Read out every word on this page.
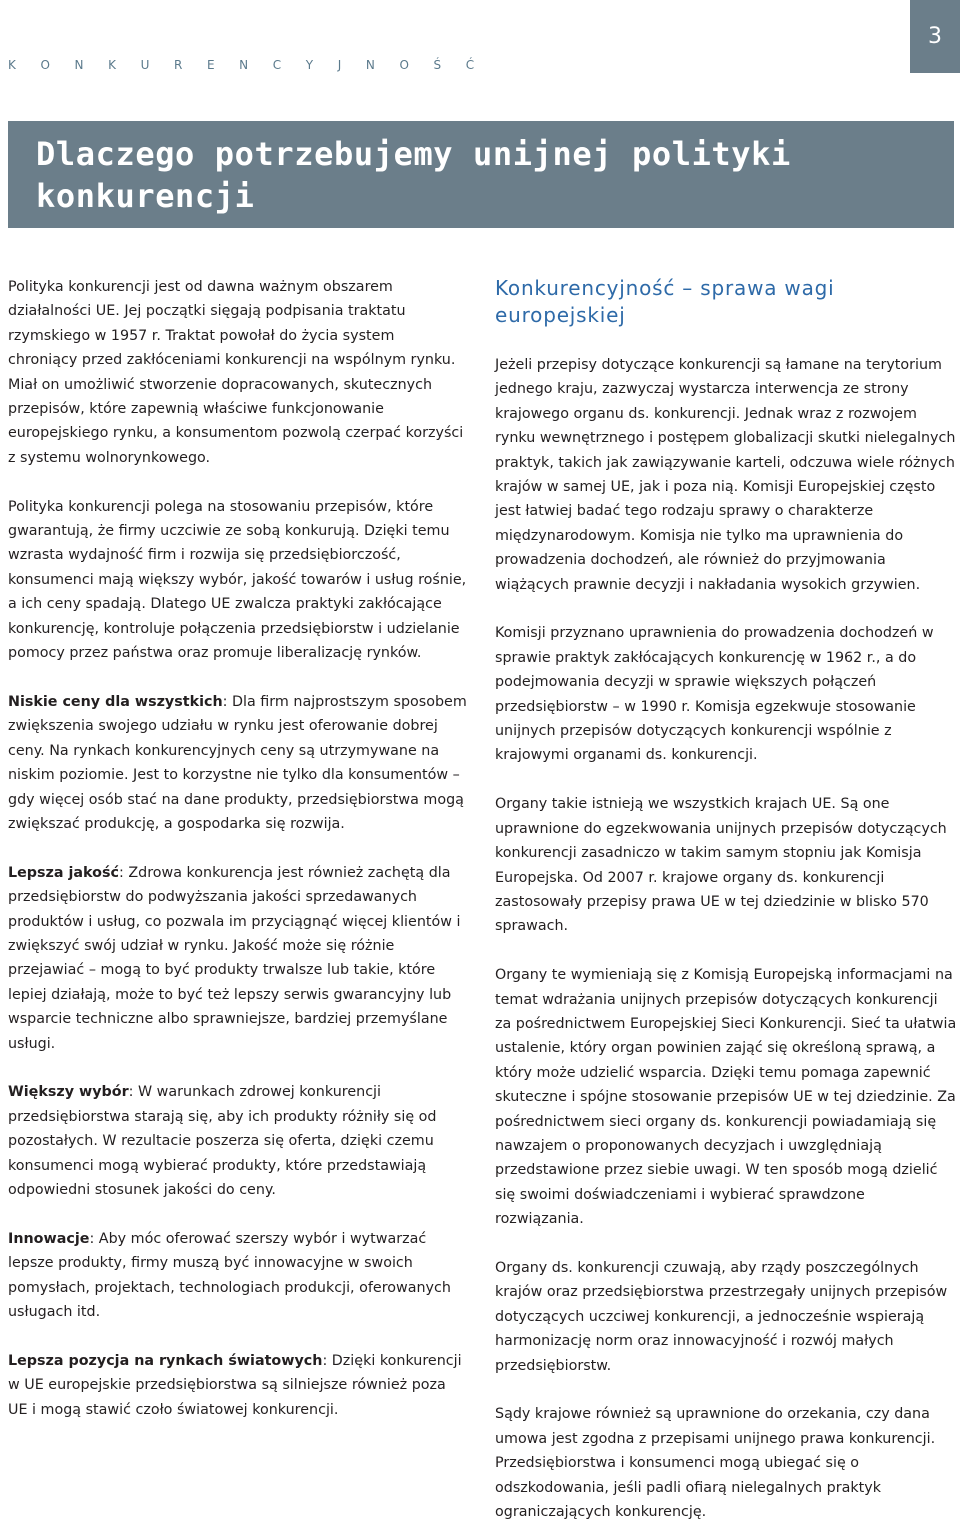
K O N K U R E N C Y J N O Ś Ć
3
Dlaczego potrzebujemy unijnej polityki konkurencji

Polityka konkurencji jest od dawna ważnym obszarem działalności UE. Jej początki sięgają podpisania traktatu rzymskiego w 1957 r. Traktat powołał do życia system chroniący przed zakłóceniami konkurencji na wspólnym rynku. Miał on umożliwić stworzenie dopracowanych, skutecznych przepisów, które zapewnią właściwe funkcjonowanie europejskiego rynku, a konsumentom pozwolą czerpać korzyści z systemu wolnorynkowego.

Polityka konkurencji polega na stosowaniu przepisów, które gwarantują, że firmy uczciwie ze sobą konkurują. Dzięki temu wzrasta wydajność firm i rozwija się przedsiębiorczość, konsumenci mają większy wybór, jakość towarów i usług rośnie, a ich ceny spadają. Dlatego UE zwalcza praktyki zakłócające konkurencję, kontroluje połączenia przedsiębiorstw i udzielanie pomocy przez państwa oraz promuje liberalizację rynków.

Niskie ceny dla wszystkich: Dla firm najprostszym sposobem zwiększenia swojego udziału w rynku jest oferowanie dobrej ceny. Na rynkach konkurencyjnych ceny są utrzymywane na niskim poziomie. Jest to korzystne nie tylko dla konsumentów – gdy więcej osób stać na dane produkty, przedsiębiorstwa mogą zwiększać produkcję, a gospodarka się rozwija.

Lepsza jakość: Zdrowa konkurencja jest również zachętą dla przedsiębiorstw do podwyższania jakości sprzedawanych produktów i usług, co pozwala im przyciągnąć więcej klientów i zwiększyć swój udział w rynku. Jakość może się różnie przejawiać – mogą to być produkty trwalsze lub takie, które lepiej działają, może to być też lepszy serwis gwarancyjny lub wsparcie techniczne albo sprawniejsze, bardziej przemyślane usługi.

Większy wybór: W warunkach zdrowej konkurencji przedsiębiorstwa starają się, aby ich produkty różniły się od pozostałych. W rezultacie poszerza się oferta, dzięki czemu konsumenci mogą wybierać produkty, które przedstawiają odpowiedni stosunek jakości do ceny.

Innowacje: Aby móc oferować szerszy wybór i wytwarzać lepsze produkty, firmy muszą być innowacyjne w swoich pomysłach, projektach, technologiach produkcji, oferowanych usługach itd.

Lepsza pozycja na rynkach światowych: Dzięki konkurencji w UE europejskie przedsiębiorstwa są silniejsze również poza UE i mogą stawić czoło światowej konkurencji.

Konkurencyjność – sprawa wagi europejskiej

Jeżeli przepisy dotyczące konkurencji są łamane na terytorium jednego kraju, zazwyczaj wystarcza interwencja ze strony krajowego organu ds. konkurencji. Jednak wraz z rozwojem rynku wewnętrznego i postępem globalizacji skutki nielegalnych praktyk, takich jak zawiązywanie karteli, odczuwa wiele różnych krajów w samej UE, jak i poza nią. Komisji Europejskiej często jest łatwiej badać tego rodzaju sprawy o charakterze międzynarodowym. Komisja nie tylko ma uprawnienia do prowadzenia dochodzeń, ale również do przyjmowania wiążących prawnie decyzji i nakładania wysokich grzywien.

Komisji przyznano uprawnienia do prowadzenia dochodzeń w sprawie praktyk zakłócających konkurencję w 1962 r., a do podejmowania decyzji w sprawie większych połączeń przedsiębiorstw – w 1990 r. Komisja egzekwuje stosowanie unijnych przepisów dotyczących konkurencji wspólnie z krajowymi organami ds. konkurencji.

Organy takie istnieją we wszystkich krajach UE. Są one uprawnione do egzekwowania unijnych przepisów dotyczących konkurencji zasadniczo w takim samym stopniu jak Komisja Europejska. Od 2007 r. krajowe organy ds. konkurencji zastosowały przepisy prawa UE w tej dziedzinie w blisko 570 sprawach.

Organy te wymieniają się z Komisją Europejską informacjami na temat wdrażania unijnych przepisów dotyczących konkurencji za pośrednictwem Europejskiej Sieci Konkurencji. Sieć ta ułatwia ustalenie, który organ powinien zająć się określoną sprawą, a który może udzielić wsparcia. Dzięki temu pomaga zapewnić skuteczne i spójne stosowanie przepisów UE w tej dziedzinie. Za pośrednictwem sieci organy ds. konkurencji powiadamiają się nawzajem o proponowanych decyzjach i uwzględniają przedstawione przez siebie uwagi. W ten sposób mogą dzielić się swoimi doświadczeniami i wybierać sprawdzone rozwiązania.

Organy ds. konkurencji czuwają, aby rządy poszczególnych krajów oraz przedsiębiorstwa przestrzegały unijnych przepisów dotyczących uczciwej konkurencji, a jednocześnie wspierają harmonizację norm oraz innowacyjność i rozwój małych przedsiębiorstw.

Sądy krajowe również są uprawnione do orzekania, czy dana umowa jest zgodna z przepisami unijnego prawa konkurencji. Przedsiębiorstwa i konsumenci mogą ubiegać się o odszkodowania, jeśli padli ofiarą nielegalnych praktyk ograniczających konkurencję.
